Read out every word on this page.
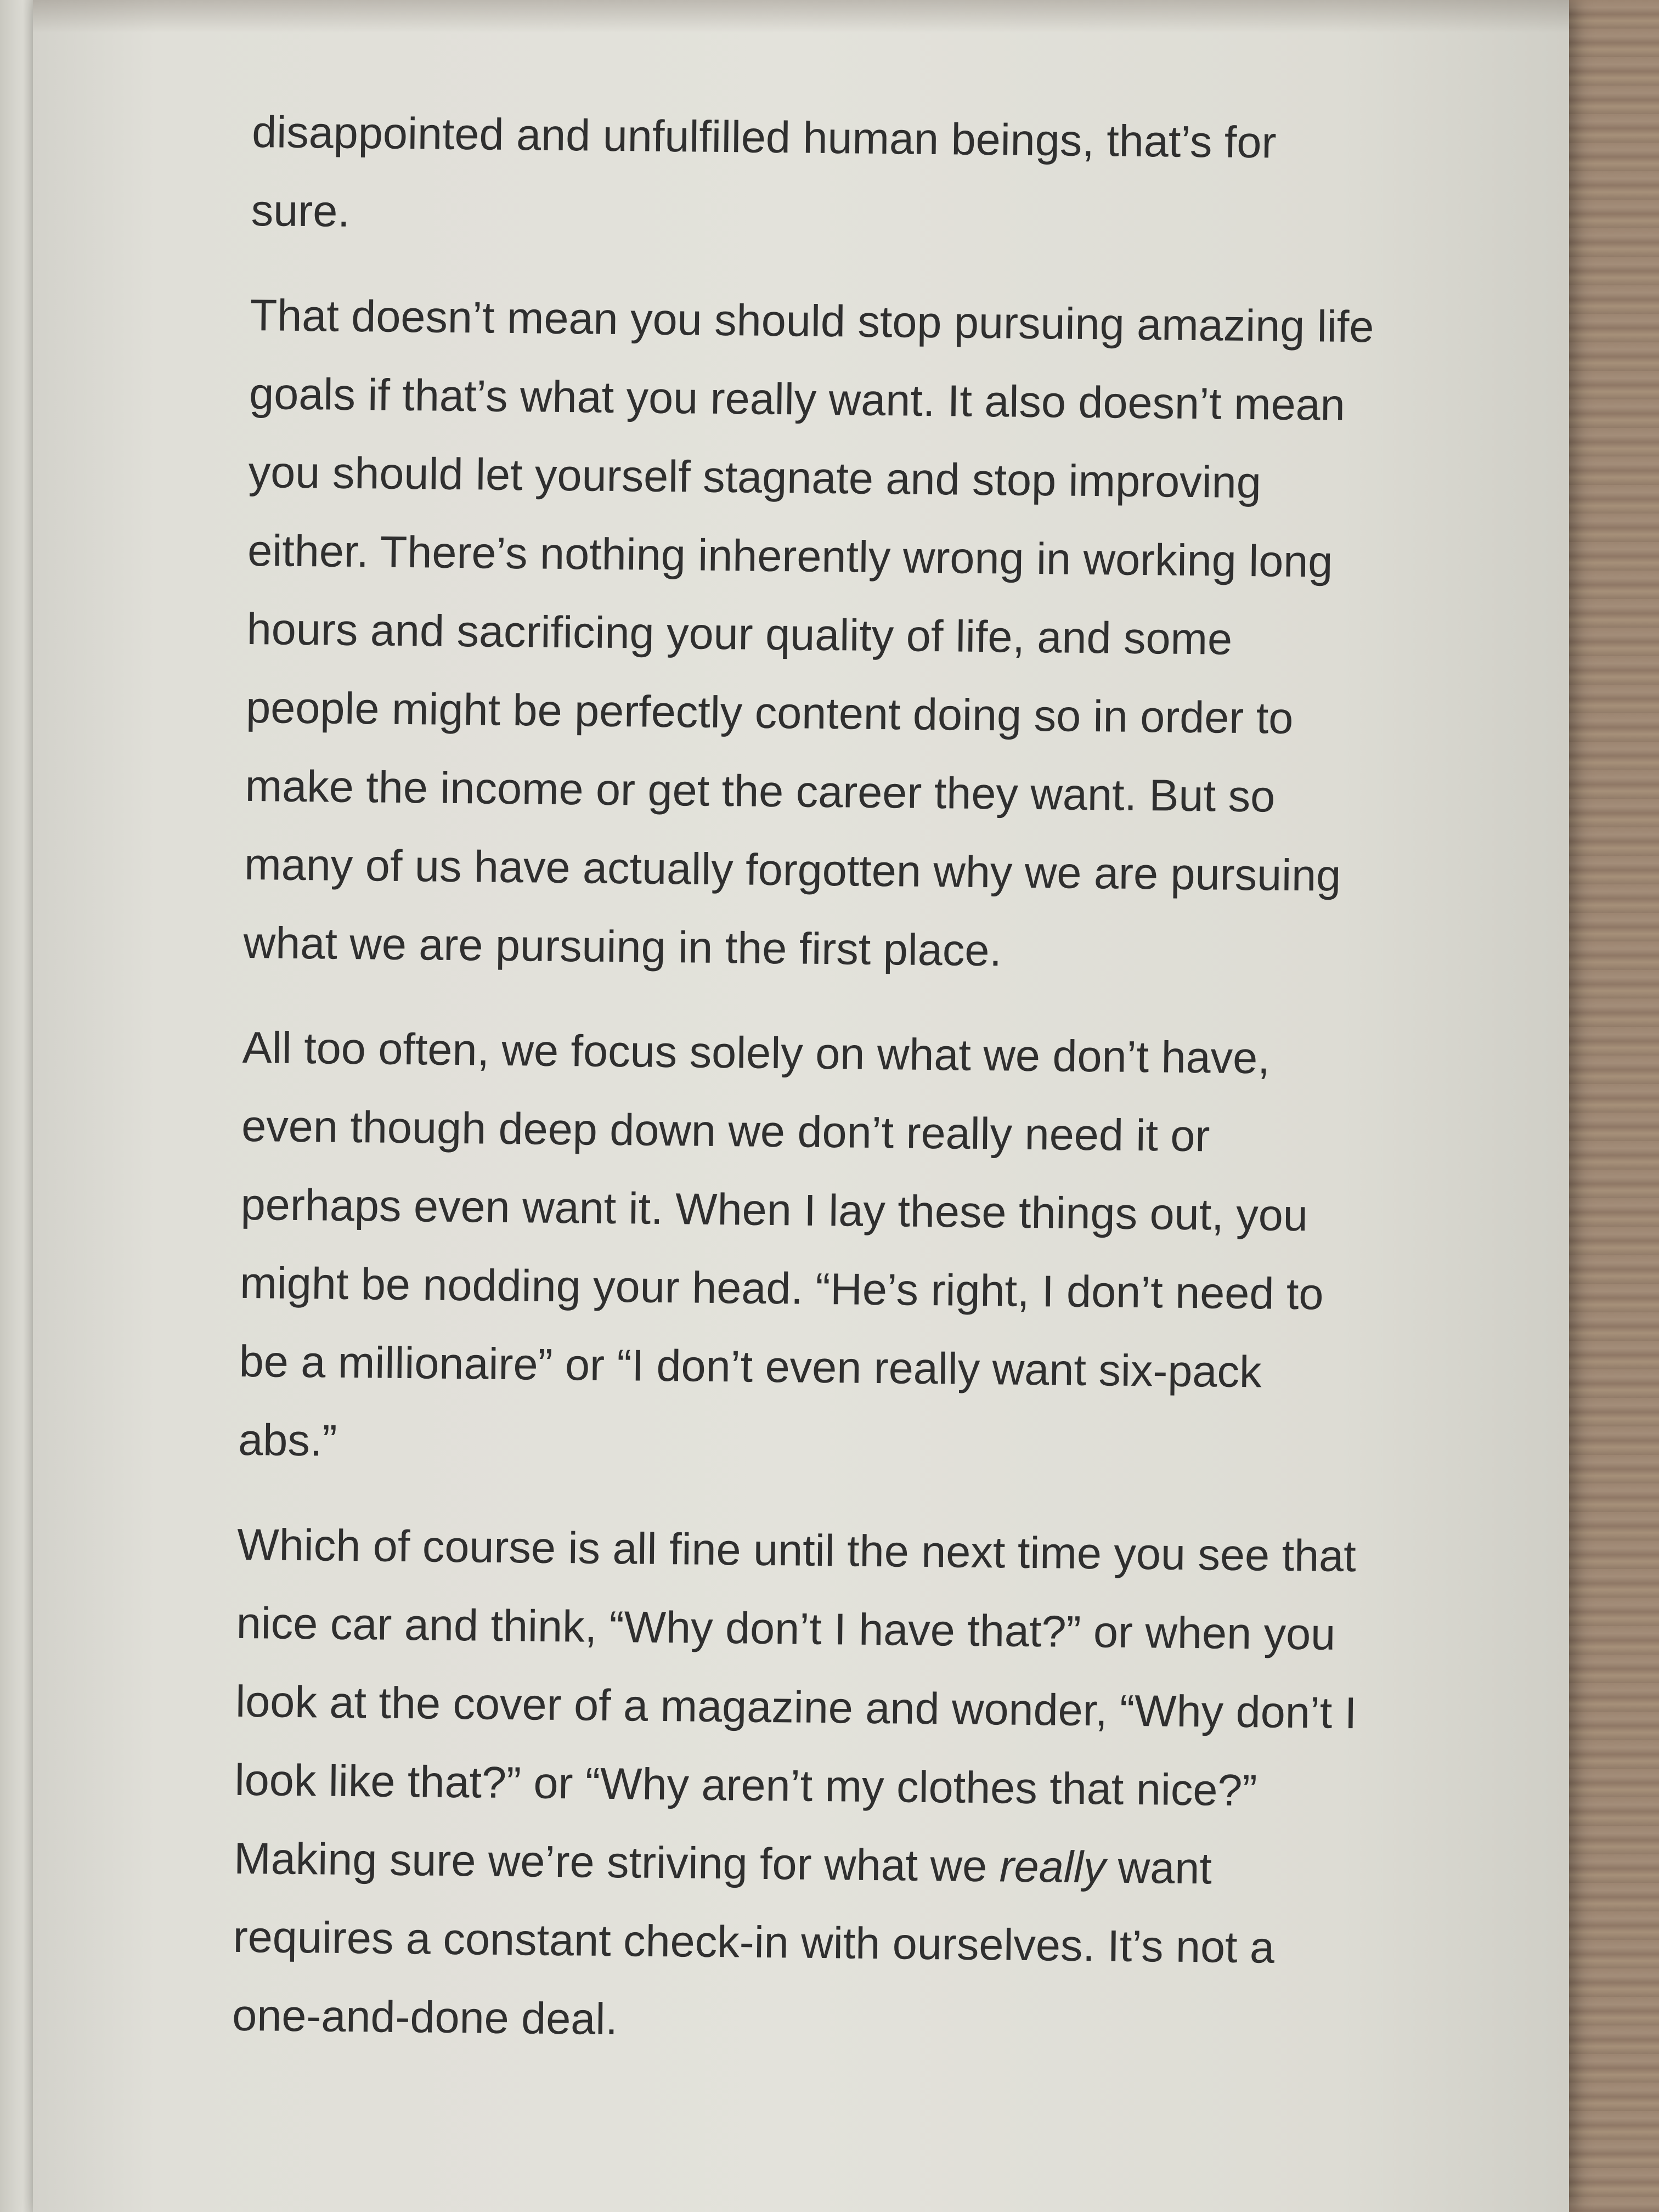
disappointed and unfulfilled human beings, that’s for sure.

That doesn’t mean you should stop pursuing amazing life goals if that’s what you really want. It also doesn’t mean you should let yourself stagnate and stop improving either. There’s nothing inherently wrong in working long hours and sacrificing your quality of life, and some people might be perfectly content doing so in order to make the income or get the career they want. But so many of us have actually forgotten why we are pursuing what we are pursuing in the first place.

All too often, we focus solely on what we don’t have, even though deep down we don’t really need it or perhaps even want it. When I lay these things out, you might be nodding your head. “He’s right, I don’t need to be a millionaire” or “I don’t even really want six-pack abs.”

Which of course is all fine until the next time you see that nice car and think, “Why don’t I have that?” or when you look at the cover of a magazine and wonder, “Why don’t I look like that?” or “Why aren’t my clothes that nice?” Making sure we’re striving for what we really want requires a constant check-in with ourselves. It’s not a one-and-done deal.
